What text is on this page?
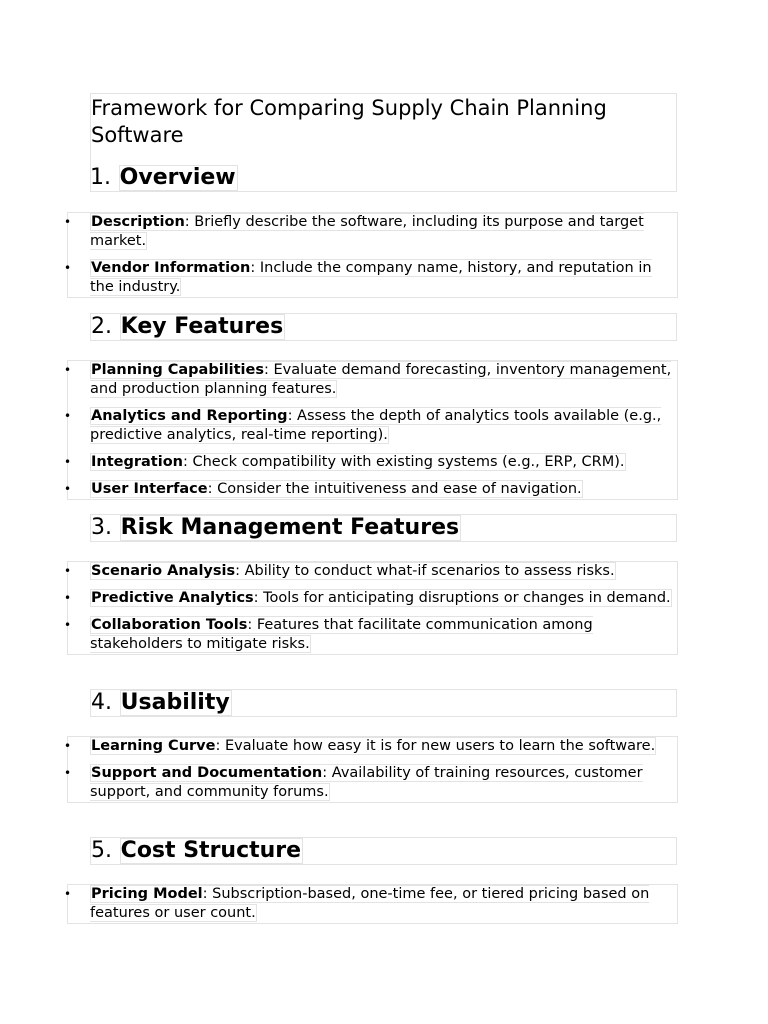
Framework for Comparing Supply Chain Planning Software
1. Overview
• Description: Briefly describe the software, including its purpose and target market.
• Vendor Information: Include the company name, history, and reputation in the industry.
2. Key Features
• Planning Capabilities: Evaluate demand forecasting, inventory management, and production planning features.
• Analytics and Reporting: Assess the depth of analytics tools available (e.g., predictive analytics, real-time reporting).
• Integration: Check compatibility with existing systems (e.g., ERP, CRM).
• User Interface: Consider the intuitiveness and ease of navigation.
3. Risk Management Features
• Scenario Analysis: Ability to conduct what-if scenarios to assess risks.
• Predictive Analytics: Tools for anticipating disruptions or changes in demand.
• Collaboration Tools: Features that facilitate communication among stakeholders to mitigate risks.
4. Usability
• Learning Curve: Evaluate how easy it is for new users to learn the software.
• Support and Documentation: Availability of training resources, customer support, and community forums.
5. Cost Structure
• Pricing Model: Subscription-based, one-time fee, or tiered pricing based on features or user count.
